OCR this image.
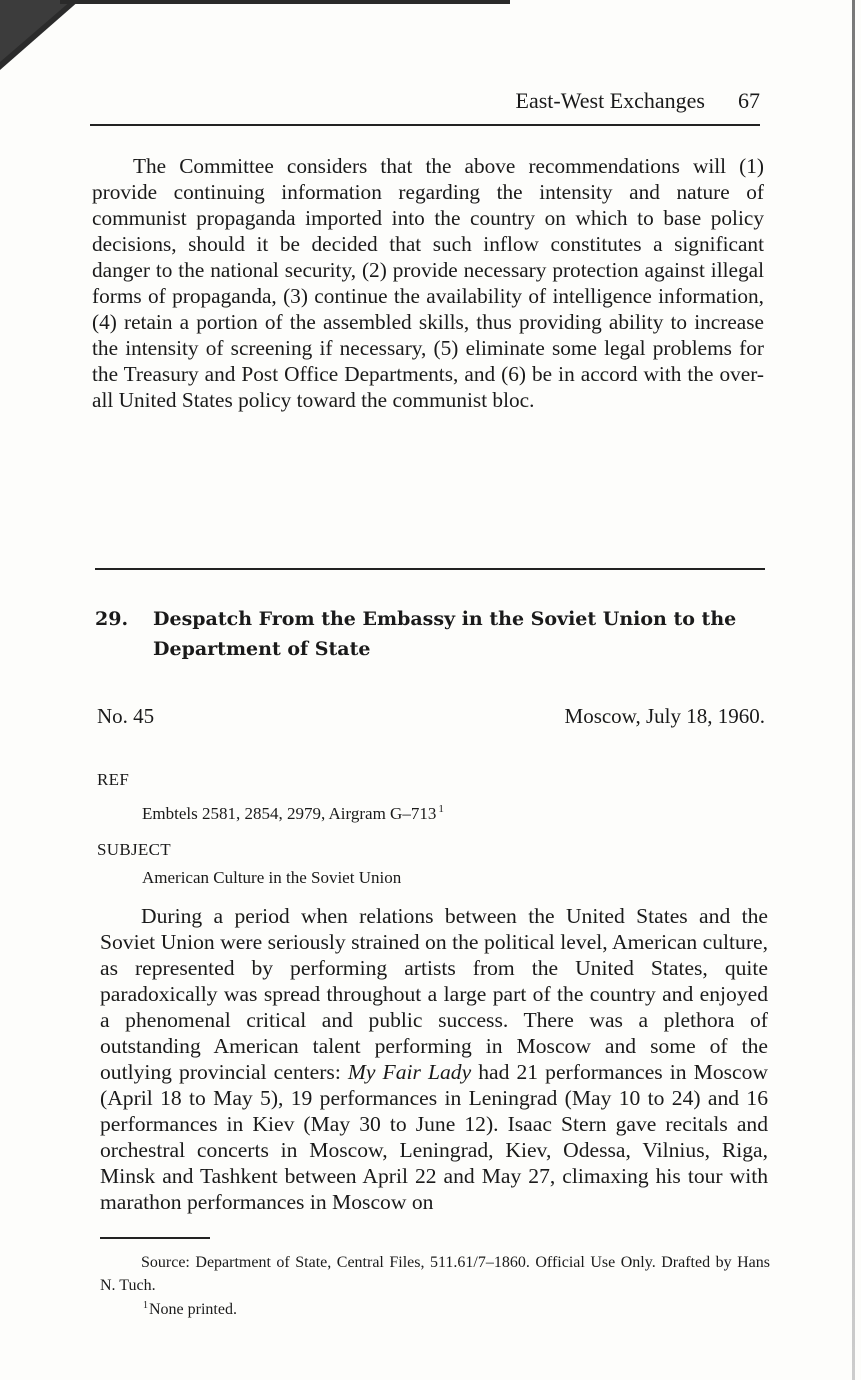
East-West Exchanges 67

The Committee considers that the above recommendations will (1) provide continuing information regarding the intensity and nature of communist propaganda imported into the country on which to base policy decisions, should it be decided that such inflow constitutes a significant danger to the national security, (2) provide necessary protection against illegal forms of propaganda, (3) continue the availability of intelligence information, (4) retain a portion of the assembled skills, thus providing ability to increase the intensity of screening if necessary, (5) eliminate some legal problems for the Treasury and Post Office Departments, and (6) be in accord with the over-all United States policy toward the communist bloc.

29. Despatch From the Embassy in the Soviet Union to the Department of State
No. 45	Moscow, July 18, 1960.
REF
Embtels 2581, 2854, 2979, Airgram G–713 $^1$
SUBJECT
American Culture in the Soviet Union

During a period when relations between the United States and the Soviet Union were seriously strained on the political level, American culture, as represented by performing artists from the United States, quite paradoxically was spread throughout a large part of the country and enjoyed a phenomenal critical and public success. There was a plethora of outstanding American talent performing in Moscow and some of the outlying provincial centers: My Fair Lady had 21 performances in Moscow (April 18 to May 5), 19 performances in Leningrad (May 10 to 24) and 16 performances in Kiev (May 30 to June 12). Isaac Stern gave recitals and orchestral concerts in Moscow, Leningrad, Kiev, Odessa, Vilnius, Riga, Minsk and Tashkent between April 22 and May 27, climaxing his tour with marathon performances in Moscow on

Source: Department of State, Central Files, 511.61/7–1860. Official Use Only. Drafted by Hans N. Tuch.

$^1$None printed.
